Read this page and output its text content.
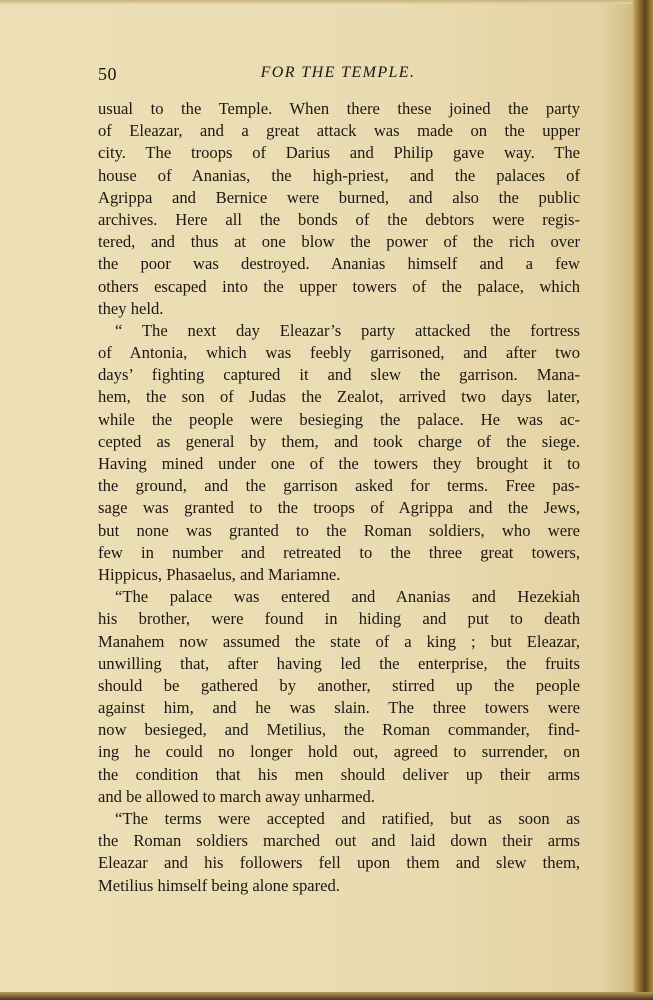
50	FOR THE TEMPLE.
usual to the Temple. When there these joined the party
of Eleazar, and a great attack was made on the upper
city. The troops of Darius and Philip gave way. The
house of Ananias, the high-priest, and the palaces of
Agrippa and Bernice were burned, and also the public
archives. Here all the bonds of the debtors were regis-
tered, and thus at one blow the power of the rich over
the poor was destroyed. Ananias himself and a few
others escaped into the upper towers of the palace, which
they held.
“ The next day Eleazar’s party attacked the fortress
of Antonia, which was feebly garrisoned, and after two
days’ fighting captured it and slew the garrison. Mana-
hem, the son of Judas the Zealot, arrived two days later,
while the people were besieging the palace. He was ac-
cepted as general by them, and took charge of the siege.
Having mined under one of the towers they brought it to
the ground, and the garrison asked for terms. Free pas-
sage was granted to the troops of Agrippa and the Jews,
but none was granted to the Roman soldiers, who were
few in number and retreated to the three great towers,
Hippicus, Phasaelus, and Mariamne.
“The palace was entered and Ananias and Hezekiah
his brother, were found in hiding and put to death
Manahem now assumed the state of a king ; but Eleazar,
unwilling that, after having led the enterprise, the fruits
should be gathered by another, stirred up the people
against him, and he was slain. The three towers were
now besieged, and Metilius, the Roman commander, find-
ing he could no longer hold out, agreed to surrender, on
the condition that his men should deliver up their arms
and be allowed to march away unharmed.
“The terms were accepted and ratified, but as soon as
the Roman soldiers marched out and laid down their arms
Eleazar and his followers fell upon them and slew them,
Metilius himself being alone spared.
